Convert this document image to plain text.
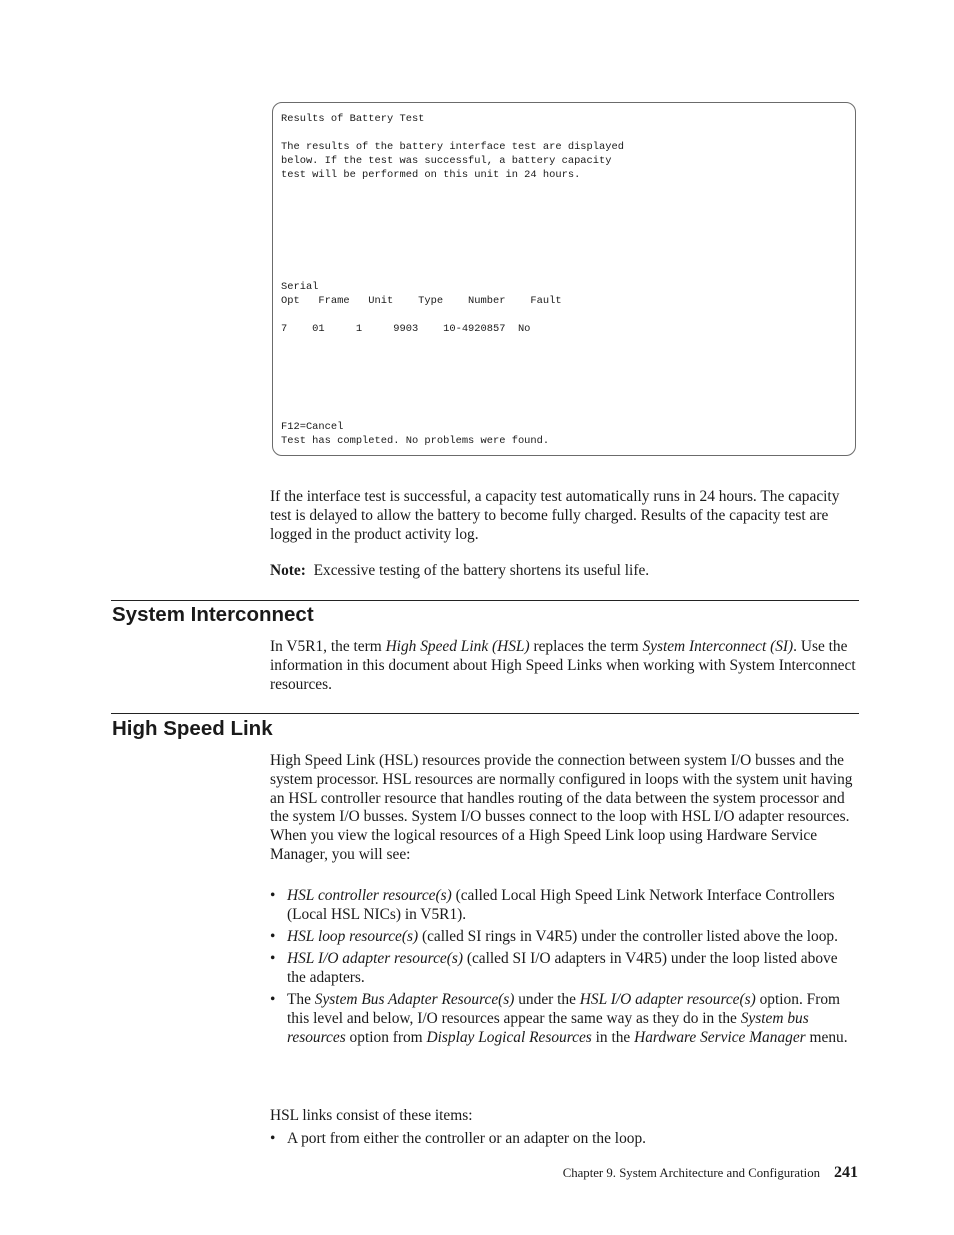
Results of Battery Test
The results of the battery interface test are displayed
below. If the test was successful, a battery capacity
test will be performed on this unit in 24 hours.
Serial
Opt   Frame   Unit    Type    Number    Fault
7    01     1     9903    10-4920857  No
F12=Cancel
Test has completed. No problems were found.

If the interface test is successful, a capacity test automatically runs in 24 hours. The capacity test is delayed to allow the battery to become fully charged. Results of the capacity test are logged in the product activity log.

Note: Excessive testing of the battery shortens its useful life.

System Interconnect

In V5R1, the term High Speed Link (HSL) replaces the term System Interconnect (SI). Use the information in this document about High Speed Links when working with System Interconnect resources.

High Speed Link

High Speed Link (HSL) resources provide the connection between system I/O busses and the system processor. HSL resources are normally configured in loops with the system unit having an HSL controller resource that handles routing of the data between the system processor and the system I/O busses. System I/O busses connect to the loop with HSL I/O adapter resources. When you view the logical resources of a High Speed Link loop using Hardware Service Manager, you will see:

• HSL controller resource(s) (called Local High Speed Link Network Interface Controllers (Local HSL NICs) in V5R1).
• HSL loop resource(s) (called SI rings in V4R5) under the controller listed above the loop.
• HSL I/O adapter resource(s) (called SI I/O adapters in V4R5) under the loop listed above the adapters.
• The System Bus Adapter Resource(s) under the HSL I/O adapter resource(s) option. From this level and below, I/O resources appear the same way as they do in the System bus resources option from Display Logical Resources in the Hardware Service Manager menu.

HSL links consist of these items:

• A port from either the controller or an adapter on the loop.

Chapter 9. System Architecture and Configuration 241
